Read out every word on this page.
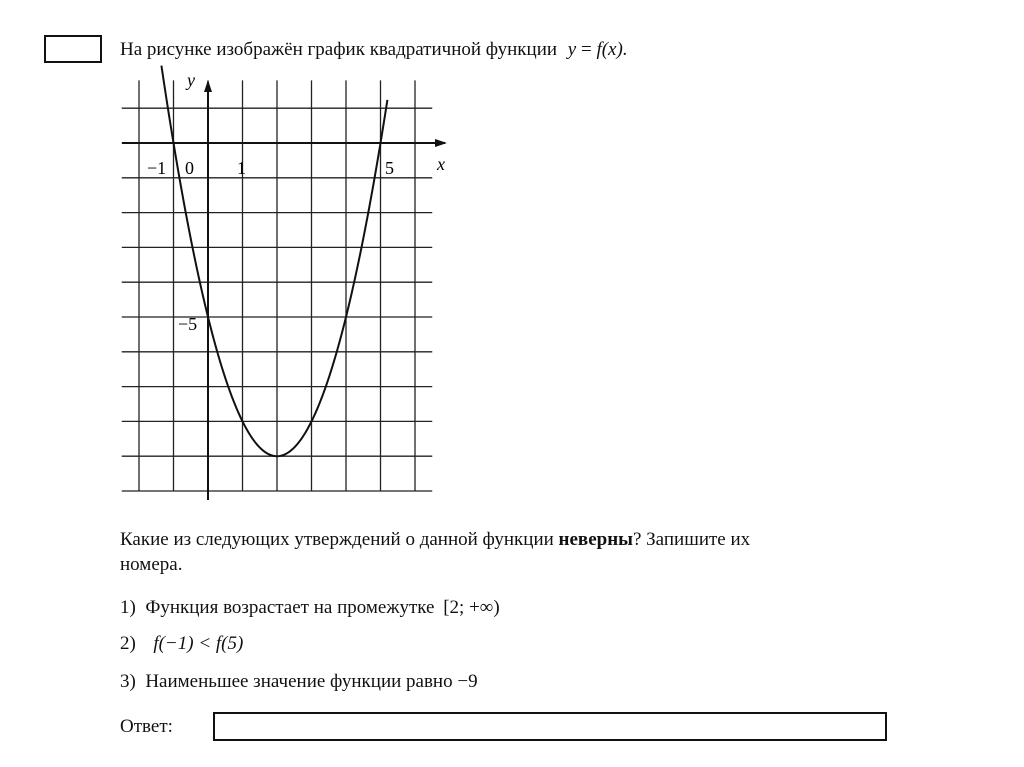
На рисунке изображён график квадратичной функции y = f(x).
x
y
−1 0 1	5
−5
Какие из следующих утверждений о данной функции неверны? Запишите их
номера.
1) Функция возрастает на промежутке [2; +∞)
2) f(−1) < f(5)
3) Наименьшее значение функции равно −9
Ответ:
